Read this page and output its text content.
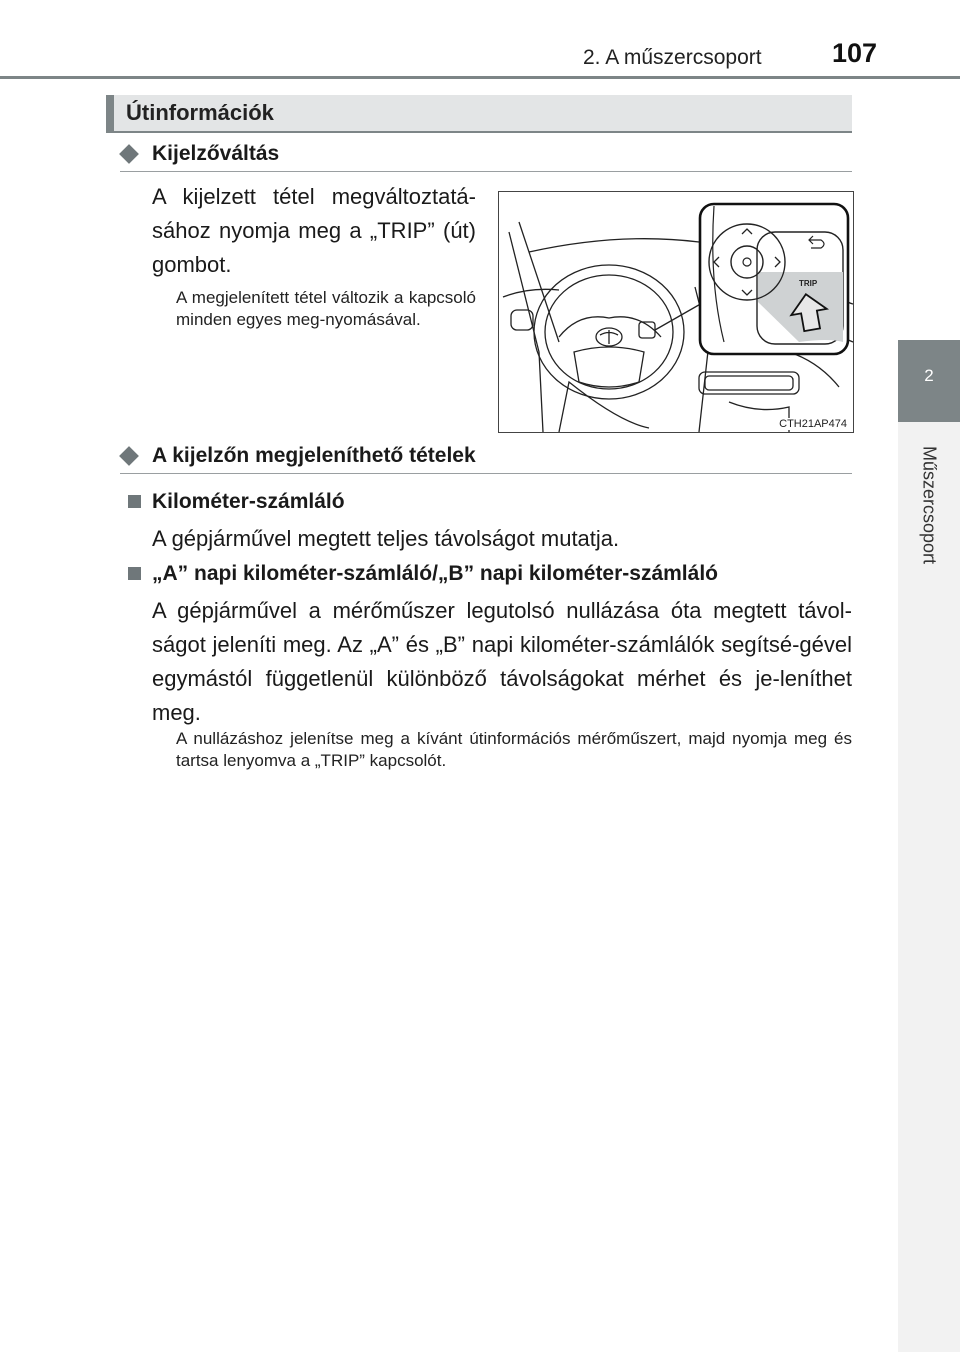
2. A műszercsoport	107
2
Műszercsoport
Útinformációk
Kijelzőváltás
A kijelzett tétel megváltoztatá-sához nyomja meg a „TRIP” (út) gombot.
A megjelenített tétel változik a kapcsoló minden egyes meg-nyomásával.
TRIP
CTH21AP474
A kijelzőn megjeleníthető tételek
Kilométer-számláló
A gépjárművel megtett teljes távolságot mutatja.
„A” napi kilométer-számláló/„B” napi kilométer-számláló
A gépjárművel a mérőműszer legutolsó nullázása óta megtett távol-ságot jeleníti meg. Az „A” és „B” napi kilométer-számlálók segítsé-gével egymástól függetlenül különböző távolságokat mérhet és je-leníthet meg.
A nullázáshoz jelenítse meg a kívánt útinformációs mérőműszert, majd nyomja meg és tartsa lenyomva a „TRIP” kapcsolót.
